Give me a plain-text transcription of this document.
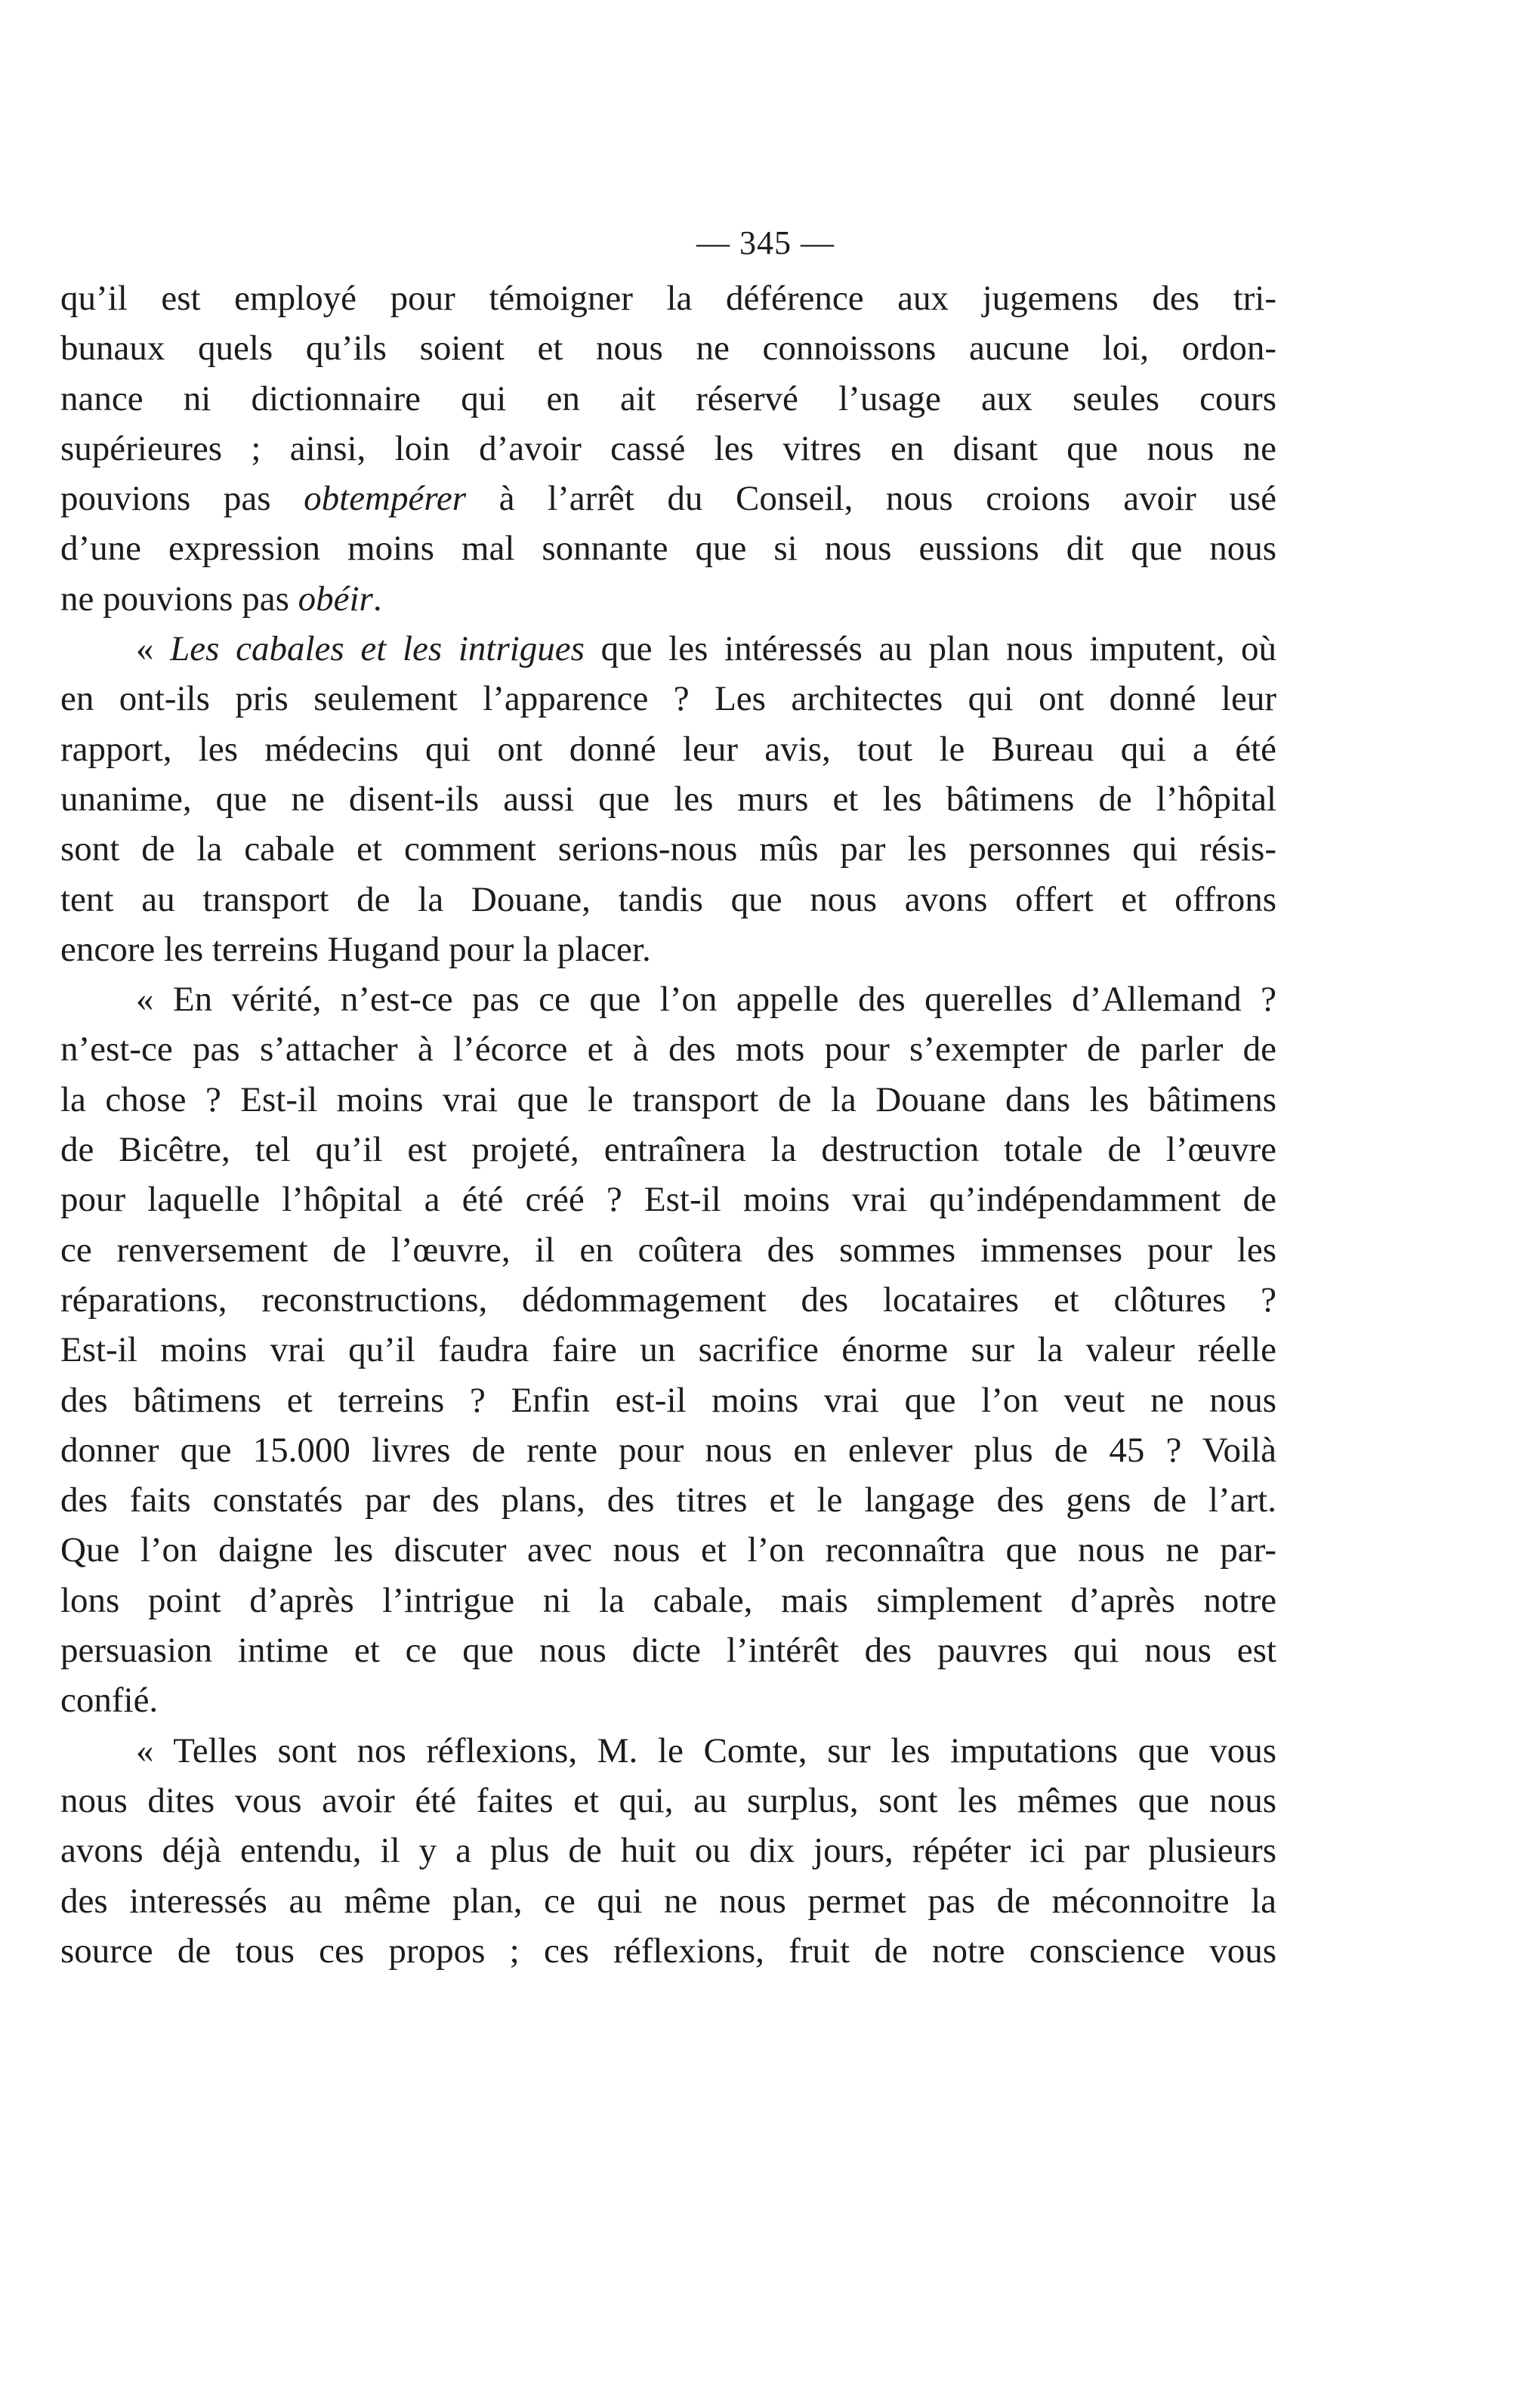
— 345 —
qu’il est employé pour témoigner la déférence aux jugemens des tri-
bunaux quels qu’ils soient et nous ne connoissons aucune loi, ordon-
nance ni dictionnaire qui en ait réservé l’usage aux seules cours
supérieures ; ainsi, loin d’avoir cassé les vitres en disant que nous ne
pouvions pas obtempérer à l’arrêt du Conseil, nous croions avoir usé
d’une expression moins mal sonnante que si nous eussions dit que nous
ne pouvions pas obéir.
« Les cabales et les intrigues que les intéressés au plan nous imputent, où
en ont-ils pris seulement l’apparence ? Les architectes qui ont donné leur
rapport, les médecins qui ont donné leur avis, tout le Bureau qui a été
unanime, que ne disent-ils aussi que les murs et les bâtimens de l’hôpital
sont de la cabale et comment serions-nous mûs par les personnes qui résis-
tent au transport de la Douane, tandis que nous avons offert et offrons
encore les terreins Hugand pour la placer.
« En vérité, n’est-ce pas ce que l’on appelle des querelles d’Allemand ?
n’est-ce pas s’attacher à l’écorce et à des mots pour s’exempter de parler de
la chose ? Est-il moins vrai que le transport de la Douane dans les bâtimens
de Bicêtre, tel qu’il est projeté, entraînera la destruction totale de l’œuvre
pour laquelle l’hôpital a été créé ? Est-il moins vrai qu’indépendamment de
ce renversement de l’œuvre, il en coûtera des sommes immenses pour les
réparations, reconstructions, dédommagement des locataires et clôtures ?
Est-il moins vrai qu’il faudra faire un sacrifice énorme sur la valeur réelle
des bâtimens et terreins ? Enfin est-il moins vrai que l’on veut ne nous
donner que 15.000 livres de rente pour nous en enlever plus de 45 ? Voilà
des faits constatés par des plans, des titres et le langage des gens de l’art.
Que l’on daigne les discuter avec nous et l’on reconnaîtra que nous ne par-
lons point d’après l’intrigue ni la cabale, mais simplement d’après notre
persuasion intime et ce que nous dicte l’intérêt des pauvres qui nous est
confié.
« Telles sont nos réflexions, M. le Comte, sur les imputations que vous
nous dites vous avoir été faites et qui, au surplus, sont les mêmes que nous
avons déjà entendu, il y a plus de huit ou dix jours, répéter ici par plusieurs
des interessés au même plan, ce qui ne nous permet pas de méconnoitre la
source de tous ces propos ; ces réflexions, fruit de notre conscience vous
